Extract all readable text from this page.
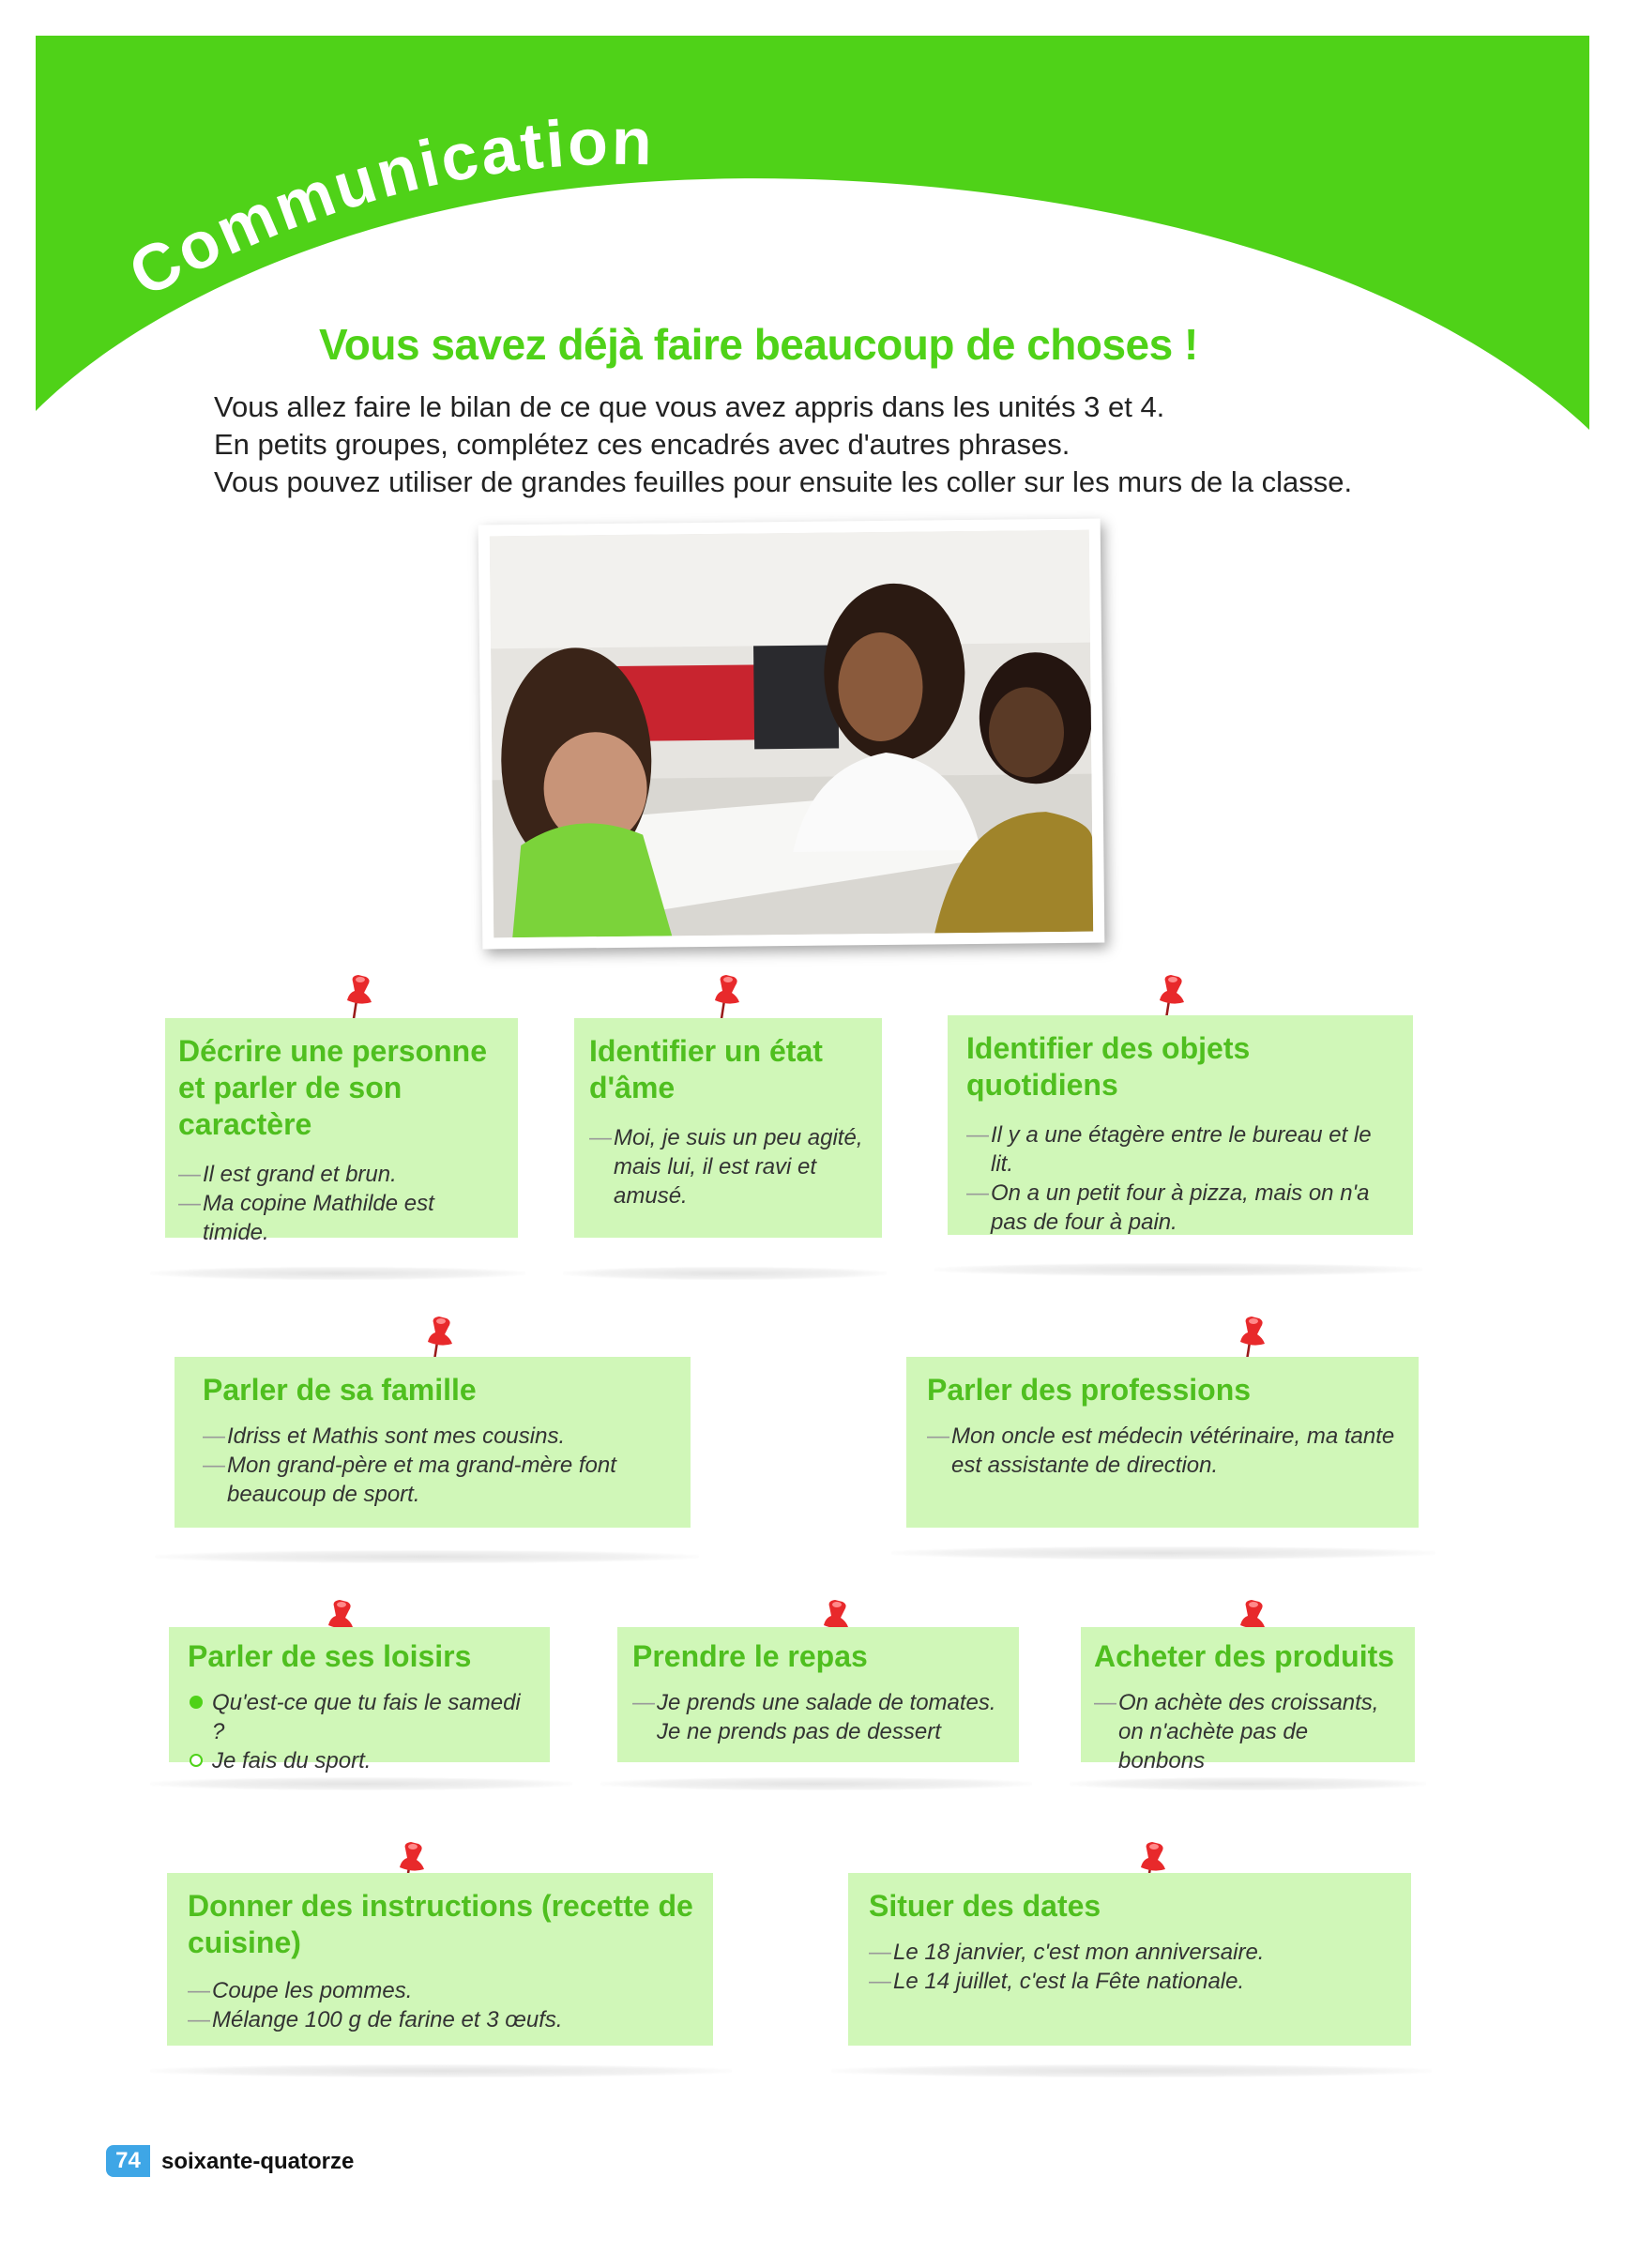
Communication
Vous savez déjà faire beaucoup de choses !
Vous allez faire le bilan de ce que vous avez appris dans les unités 3 et 4.
En petits groupes, complétez ces encadrés avec d'autres phrases.
Vous pouvez utiliser de grandes feuilles pour ensuite les coller sur les murs de la classe.
Décrire une personne et parler de son caractère
— Il est grand et brun.
— Ma copine Mathilde est timide.
Identifier un état d'âme
— Moi, je suis un peu agité, mais lui, il est ravi et amusé.
Identifier des objets quotidiens
— Il y a une étagère entre le bureau et le lit.
— On a un petit four à pizza, mais on n'a pas de four à pain.
Parler de sa famille
— Idriss et Mathis sont mes cousins.
— Mon grand-père et ma grand-mère font beaucoup de sport.
Parler des professions
— Mon oncle est médecin vétérinaire, ma tante est assistante de direction.
Parler de ses loisirs
Qu'est-ce que tu fais le samedi ?
Je fais du sport.
Prendre le repas
— Je prends une salade de tomates.
Je ne prends pas de dessert
Acheter des produits
— On achète des croissants, on n'achète pas de bonbons
Donner des instructions (recette de cuisine)
— Coupe les pommes.
— Mélange 100 g de farine et 3 œufs.
Situer des dates
— Le 18 janvier, c'est mon anniversaire.
— Le 14 juillet, c'est la Fête nationale.
74 soixante-quatorze
